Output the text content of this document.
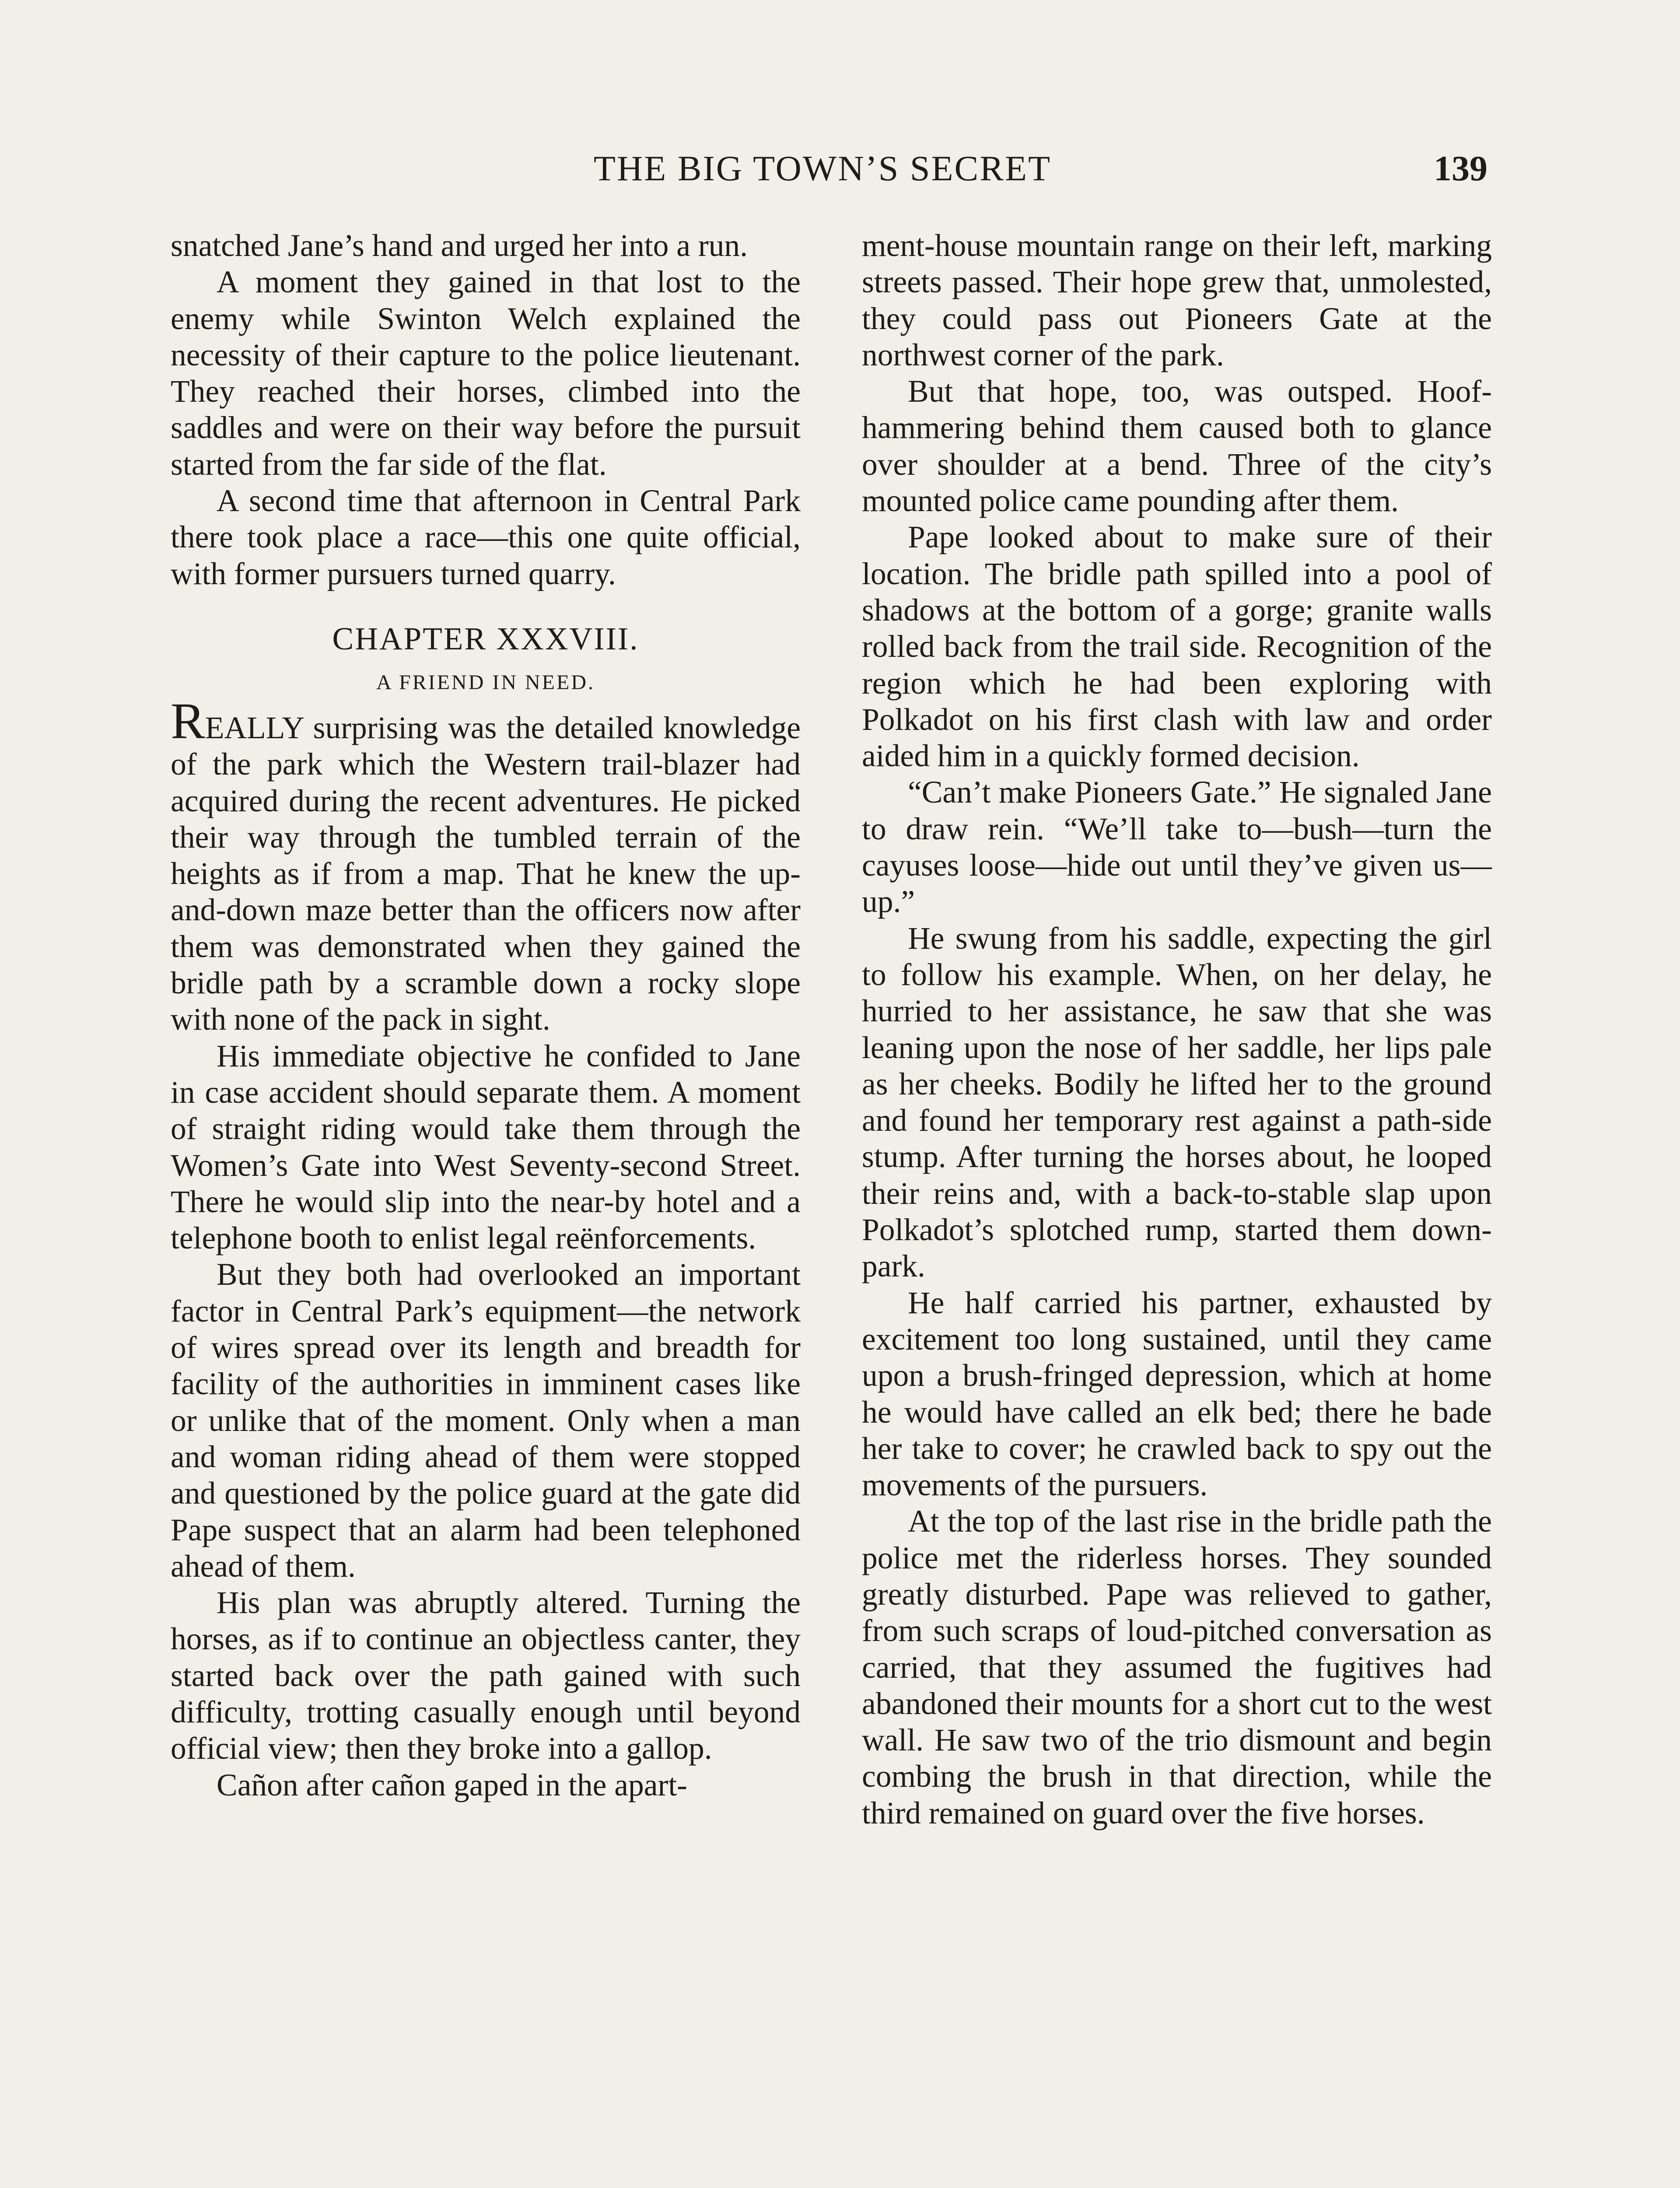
THE BIG TOWN’S SECRET	139

snatched Jane’s hand and urged her into a run.

A moment they gained in that lost to the enemy while Swinton Welch explained the necessity of their capture to the police lieutenant. They reached their horses, climbed into the saddles and were on their way before the pursuit started from the far side of the flat.

A second time that afternoon in Central Park there took place a race—this one quite official, with former pursuers turned quarry.

CHAPTER XXXVIII.
A FRIEND IN NEED.

REALLY surprising was the detailed knowledge of the park which the Western trail-blazer had acquired during the recent adventures. He picked their way through the tumbled terrain of the heights as if from a map. That he knew the up-and-down maze better than the officers now after them was demonstrated when they gained the bridle path by a scramble down a rocky slope with none of the pack in sight.

His immediate objective he confided to Jane in case accident should separate them. A moment of straight riding would take them through the Women’s Gate into West Seventy-second Street. There he would slip into the near-by hotel and a telephone booth to enlist legal reënforcements.

But they both had overlooked an important factor in Central Park’s equipment—the network of wires spread over its length and breadth for facility of the authorities in imminent cases like or unlike that of the moment. Only when a man and woman riding ahead of them were stopped and questioned by the police guard at the gate did Pape suspect that an alarm had been telephoned ahead of them.

His plan was abruptly altered. Turning the horses, as if to continue an objectless canter, they started back over the path gained with such difficulty, trotting casually enough until beyond official view; then they broke into a gallop.

Cañon after cañon gaped in the apart-

ment-house mountain range on their left, marking streets passed. Their hope grew that, unmolested, they could pass out Pioneers Gate at the northwest corner of the park.

But that hope, too, was outsped. Hoof-hammering behind them caused both to glance over shoulder at a bend. Three of the city’s mounted police came pounding after them.

Pape looked about to make sure of their location. The bridle path spilled into a pool of shadows at the bottom of a gorge; granite walls rolled back from the trail side. Recognition of the region which he had been exploring with Polkadot on his first clash with law and order aided him in a quickly formed decision.

“Can’t make Pioneers Gate.” He signaled Jane to draw rein. “We’ll take to—bush—turn the cayuses loose—hide out until they’ve given us—up.”

He swung from his saddle, expecting the girl to follow his example. When, on her delay, he hurried to her assistance, he saw that she was leaning upon the nose of her saddle, her lips pale as her cheeks. Bodily he lifted her to the ground and found her temporary rest against a path-side stump. After turning the horses about, he looped their reins and, with a back-to-stable slap upon Polkadot’s splotched rump, started them down-park.

He half carried his partner, exhausted by excitement too long sustained, until they came upon a brush-fringed depression, which at home he would have called an elk bed; there he bade her take to cover; he crawled back to spy out the movements of the pursuers.

At the top of the last rise in the bridle path the police met the riderless horses. They sounded greatly disturbed. Pape was relieved to gather, from such scraps of loud-pitched conversation as carried, that they assumed the fugitives had abandoned their mounts for a short cut to the west wall. He saw two of the trio dismount and begin combing the brush in that direction, while the third remained on guard over the five horses.
